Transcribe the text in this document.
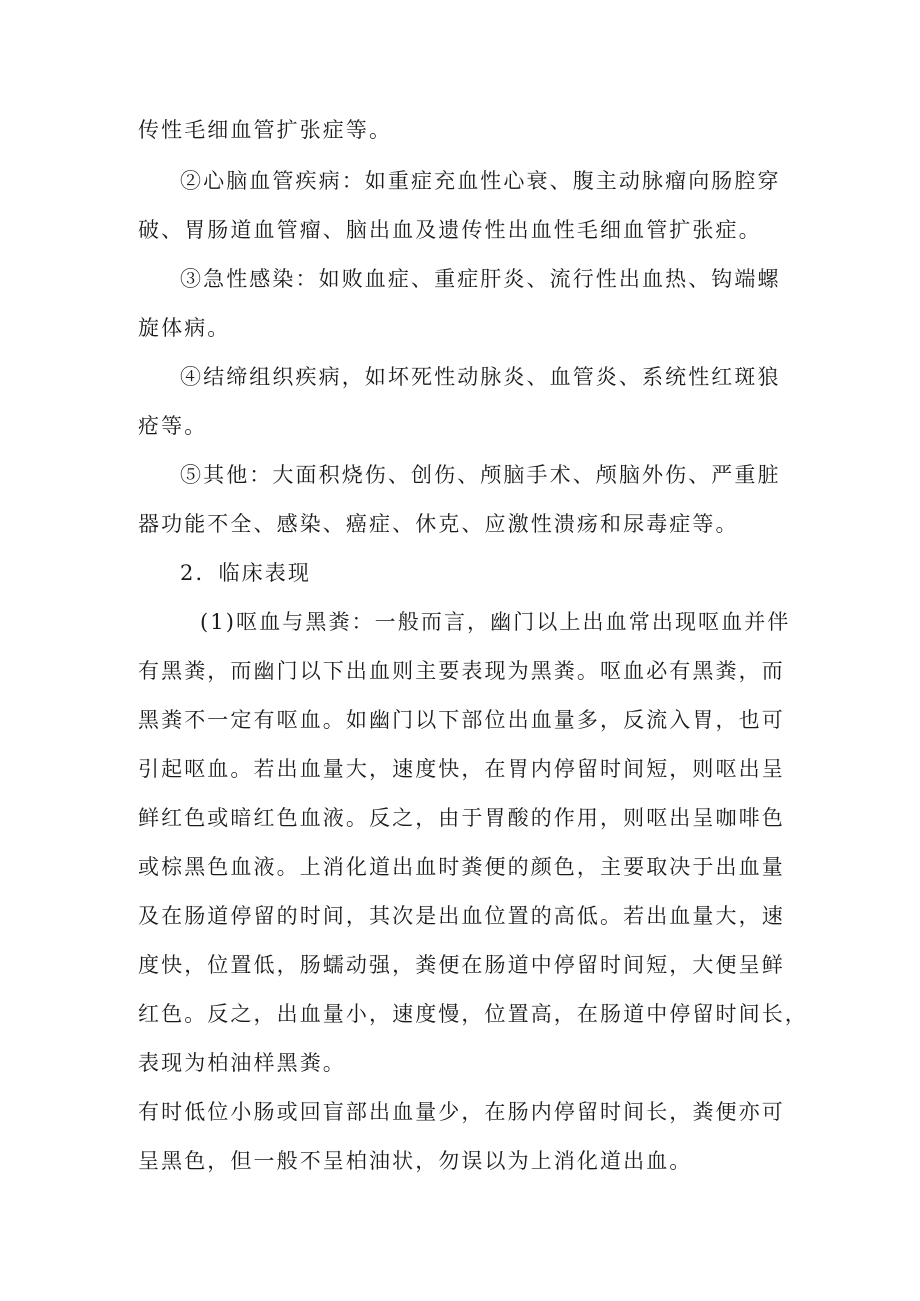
传性毛细血管扩张症等。
②心脑血管疾病：如重症充血性心衰、腹主动脉瘤向肠腔穿
破、胃肠道血管瘤、脑出血及遗传性出血性毛细血管扩张症。
③急性感染：如败血症、重症肝炎、流行性出血热、钩端螺
旋体病。
④结缔组织疾病，如坏死性动脉炎、血管炎、系统性红斑狼
疮等。
⑤其他：大面积烧伤、创伤、颅脑手术、颅脑外伤、严重脏
器功能不全、感染、癌症、休克、应激性溃疡和尿毒症等。
2．临床表现
(1)呕血与黑粪：一般而言，幽门以上出血常出现呕血并伴
有黑粪，而幽门以下出血则主要表现为黑粪。呕血必有黑粪，而
黑粪不一定有呕血。如幽门以下部位出血量多，反流入胃，也可
引起呕血。若出血量大，速度快，在胃内停留时间短，则呕出呈
鲜红色或暗红色血液。反之，由于胃酸的作用，则呕出呈咖啡色
或棕黑色血液。上消化道出血时粪便的颜色，主要取决于出血量
及在肠道停留的时间，其次是出血位置的高低。若出血量大，速
度快，位置低，肠蠕动强，粪便在肠道中停留时间短，大便呈鲜
红色。反之，出血量小，速度慢，位置高，在肠道中停留时间长，
表现为柏油样黑粪。
有时低位小肠或回盲部出血量少，在肠内停留时间长，粪便亦可
呈黑色，但一般不呈柏油状，勿误以为上消化道出血。
